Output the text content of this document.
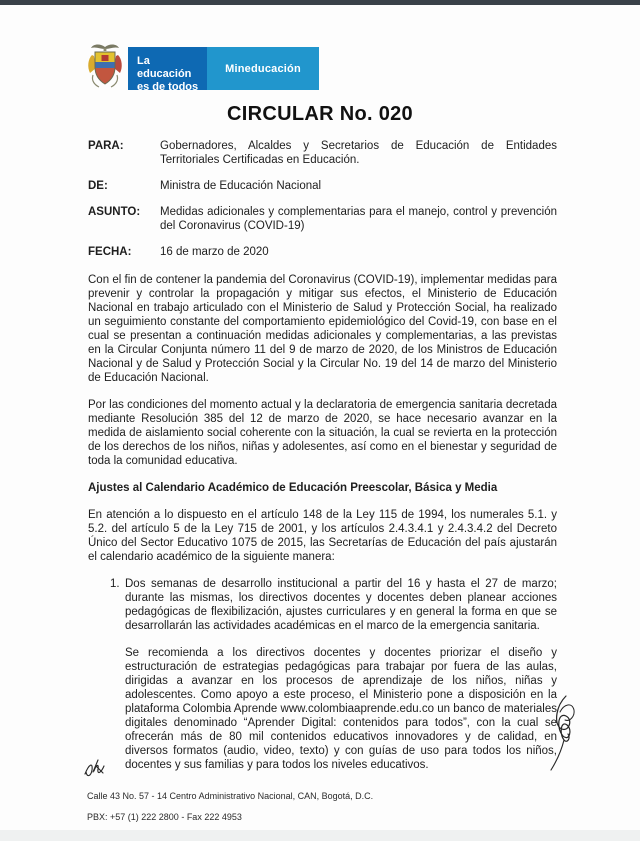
La educación
es de todos
Mineducación
CIRCULAR No. 020
PARA:	Gobernadores, Alcaldes y Secretarios de Educación de Entidades Territoriales Certificadas en Educación.
DE:	Ministra de Educación Nacional
ASUNTO:	Medidas adicionales y complementarias para el manejo, control y prevención del Coronavirus (COVID-19)
FECHA:	16 de marzo de 2020

Con el fin de contener la pandemia del Coronavirus (COVID-19), implementar medidas para prevenir y controlar la propagación y mitigar sus efectos, el Ministerio de Educación Nacional en trabajo articulado con el Ministerio de Salud y Protección Social, ha realizado un seguimiento constante del comportamiento epidemiológico del Covid-19, con base en el cual se presentan a continuación medidas adicionales y complementarias, a las previstas en la Circular Conjunta número 11 del 9 de marzo de 2020, de los Ministros de Educación Nacional y de Salud y Protección Social y la Circular No. 19 del 14 de marzo del Ministerio de Educación Nacional.

Por las condiciones del momento actual y la declaratoria de emergencia sanitaria decretada mediante Resolución 385 del 12 de marzo de 2020, se hace necesario avanzar en la medida de aislamiento social coherente con la situación, la cual se revierta en la protección de los derechos de los niños, niñas y adolesentes, así como en el bienestar y seguridad de toda la comunidad educativa.

Ajustes al Calendario Académico de Educación Preescolar, Básica y Media

En atención a lo dispuesto en el artículo 148 de la Ley 115 de 1994, los numerales 5.1. y 5.2. del artículo 5 de la Ley 715 de 2001, y los artículos 2.4.3.4.1 y 2.4.3.4.2 del Decreto Único del Sector Educativo 1075 de 2015, las Secretarías de Educación del país ajustarán el calendario académico de la siguiente manera:

1. Dos semanas de desarrollo institucional a partir del 16 y hasta el 27 de marzo; durante las mismas, los directivos docentes y docentes deben planear acciones pedagógicas de flexibilización, ajustes curriculares y en general la forma en que se desarrollarán las actividades académicas en el marco de la emergencia sanitaria.

Se recomienda a los directivos docentes y docentes priorizar el diseño y estructuración de estrategias pedagógicas para trabajar por fuera de las aulas, dirigidas a avanzar en los procesos de aprendizaje de los niños, niñas y adolescentes. Como apoyo a este proceso, el Ministerio pone a disposición en la plataforma Colombia Aprende www.colombiaaprende.edu.co un banco de materiales digitales denominado “Aprender Digital: contenidos para todos”, con la cual se ofrecerán más de 80 mil contenidos educativos innovadores y de calidad, en diversos formatos (audio, video, texto) y con guías de uso para todos los niños, docentes y sus familias y para todos los niveles educativos.

Calle 43 No. 57 - 14 Centro Administrativo Nacional, CAN, Bogotá, D.C.
PBX: +57 (1) 222 2800 - Fax 222 4953
